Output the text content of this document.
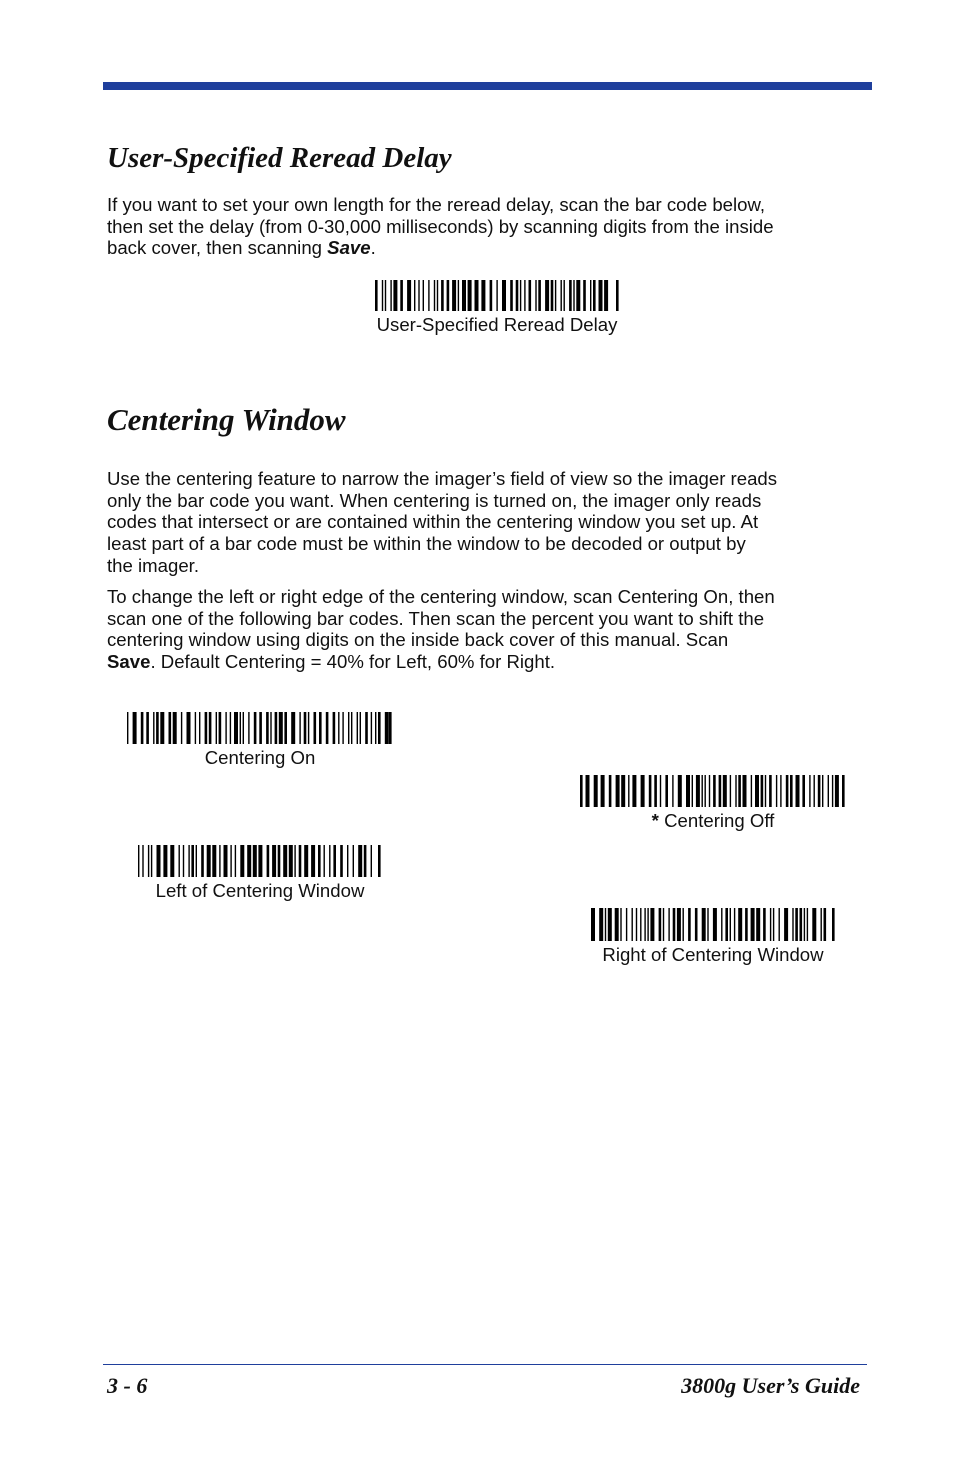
User-Specified Reread Delay

If you want to set your own length for the reread delay, scan the bar code below,
then set the delay (from 0-30,000 milliseconds) by scanning digits from the inside
back cover, then scanning Save.

User-Specified Reread Delay
Centering Window

Use the centering feature to narrow the imager’s field of view so the imager reads
only the bar code you want. When centering is turned on, the imager only reads
codes that intersect or are contained within the centering window you set up. At
least part of a bar code must be within the window to be decoded or output by
the imager.

To change the left or right edge of the centering window, scan Centering On, then
scan one of the following bar codes. Then scan the percent you want to shift the
centering window using digits on the inside back cover of this manual. Scan
Save. Default Centering = 40% for Left, 60% for Right.

Centering On
* Centering Off
Left of Centering Window
Right of Centering Window
3 - 6	3800g User’s Guide
